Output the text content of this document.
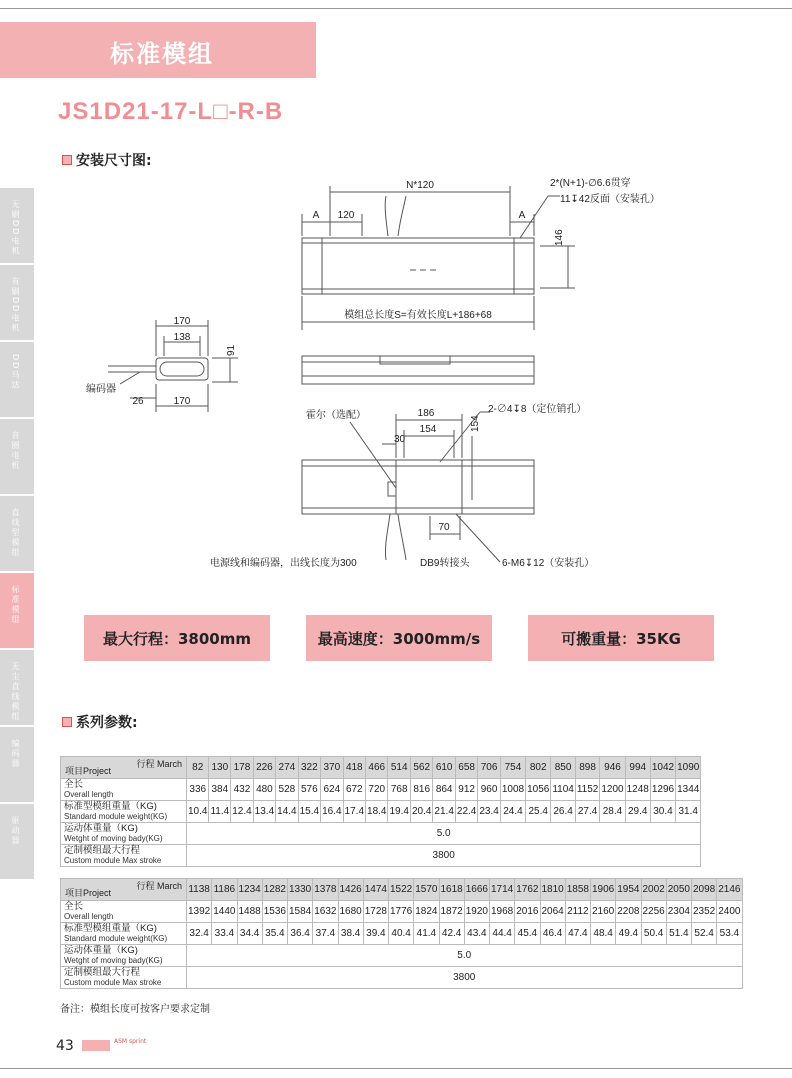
标准模组
JS1D21-17-L□-R-B
无刷DD电机
有刷DD电机
DD马达
音圈电机
直线型模组
标准模组
无尘直线模组
编码器
驱动器
安装尺寸图:
N*120
A 120	A
2*(N+1)-∅6.6贯穿
11↧42反面（安装孔）
146
模组总长度S=有效长度L+186+68
170
138
91
编码器
26	170
霍尔（选配）	186
154
30
154
2-∅4↧8（定位销孔）
70
电源线和编码器，出线长度为300	DB9转接头	6-M6↧12（安装孔）
最大行程：3800mm	最高速度：3000mm/s	可搬重量：35KG
系列参数:
行程 March
项目Project	82	130	178	226	274	322	370	418	466	514	562	610	658	706	754	802	850	898	946	994	1042	1090

全长
Overall length	336	384	432	480	528	576	624	672	720	768	816	864	912	960	1008	1056	1104	1152	1200	1248	1296	1344

标准型模组重量（KG)
Standard module weight(KG)	10.4	11.4	12.4	13.4	14.4	15.4	16.4	17.4	18.4	19.4	20.4	21.4	22.4	23.4	24.4	25.4	26.4	27.4	28.4	29.4	30.4	31.4

运动体重量（KG)
Wetght of moving bady(KG)	5.0																					

定制模组最大行程
Custom module Max stroke	3800																					
行程 March
项目Project	1138	1186	1234	1282	1330	1378	1426	1474	1522	1570	1618	1666	1714	1762	1810	1858	1906	1954	2002	2050	2098	2146

全长
Overall length	1392	1440	1488	1536	1584	1632	1680	1728	1776	1824	1872	1920	1968	2016	2064	2112	2160	2208	2256	2304	2352	2400

标准型模组重量（KG)
Standard module weight(KG)	32.4	33.4	34.4	35.4	36.4	37.4	38.4	39.4	40.4	41.4	42.4	43.4	44.4	45.4	46.4	47.4	48.4	49.4	50.4	51.4	52.4	53.4

运动体重量（KG)
Wetght of moving bady(KG)	5.0																					

定制模组最大行程
Custom module Max stroke	3800																					
备注：模组长度可按客户要求定制
43	ASM sprint
